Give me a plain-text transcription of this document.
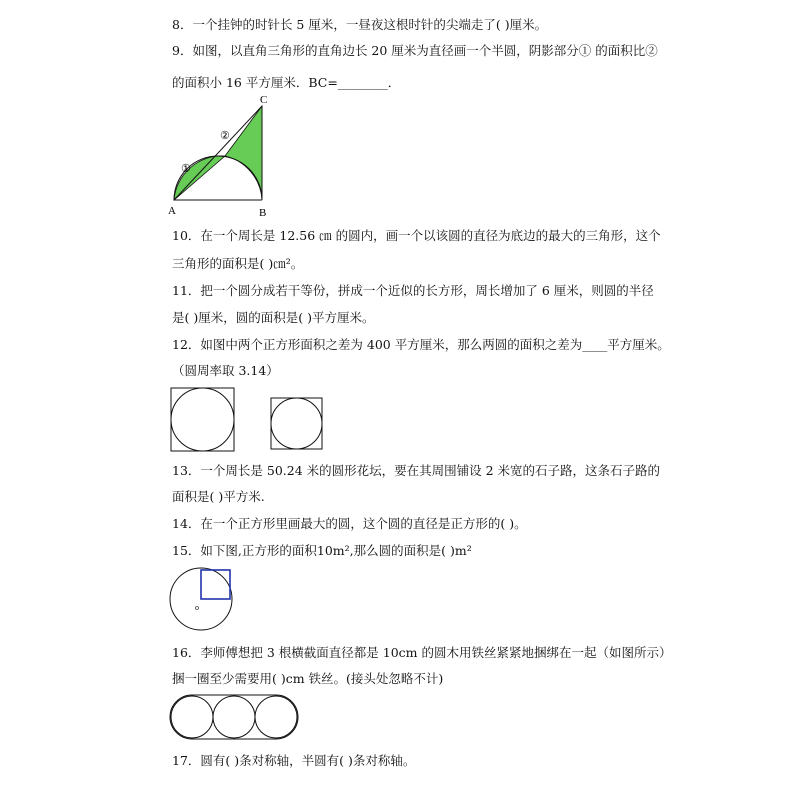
8．一个挂钟的时针长 5 厘米，一昼夜这根时针的尖端走了( )厘米。
9．如图，以直角三角形的直角边长 20 厘米为直径画一个半圆，阴影部分① 的面积比②
的面积小 16 平方厘米．BC=________．
A	B
C
①
②
10．在一个周长是 12.56 ㎝ 的圆内，画一个以该圆的直径为底边的最大的三角形，这个
三角形的面积是( )㎝²。
11．把一个圆分成若干等份，拼成一个近似的长方形，周长增加了 6 厘米，则圆的半径
是( )厘米，圆的面积是( )平方厘米。
12．如图中两个正方形面积之差为 400 平方厘米，那么两圆的面积之差为____平方厘米。
（圆周率取 3.14）
13．一个周长是 50.24 米的圆形花坛，要在其周围铺设 2 米宽的石子路，这条石子路的
面积是( )平方米.
14．在一个正方形里画最大的圆，这个圆的直径是正方形的( )。
15．如下图,正方形的面积10m²,那么圆的面积是( )m²
o
16．李师傅想把 3 根横截面直径都是 10cm 的圆木用铁丝紧紧地捆绑在一起（如图所示）
捆一圈至少需要用( )cm 铁丝。(接头处忽略不计)
17．圆有( )条对称轴，半圆有( )条对称轴。
